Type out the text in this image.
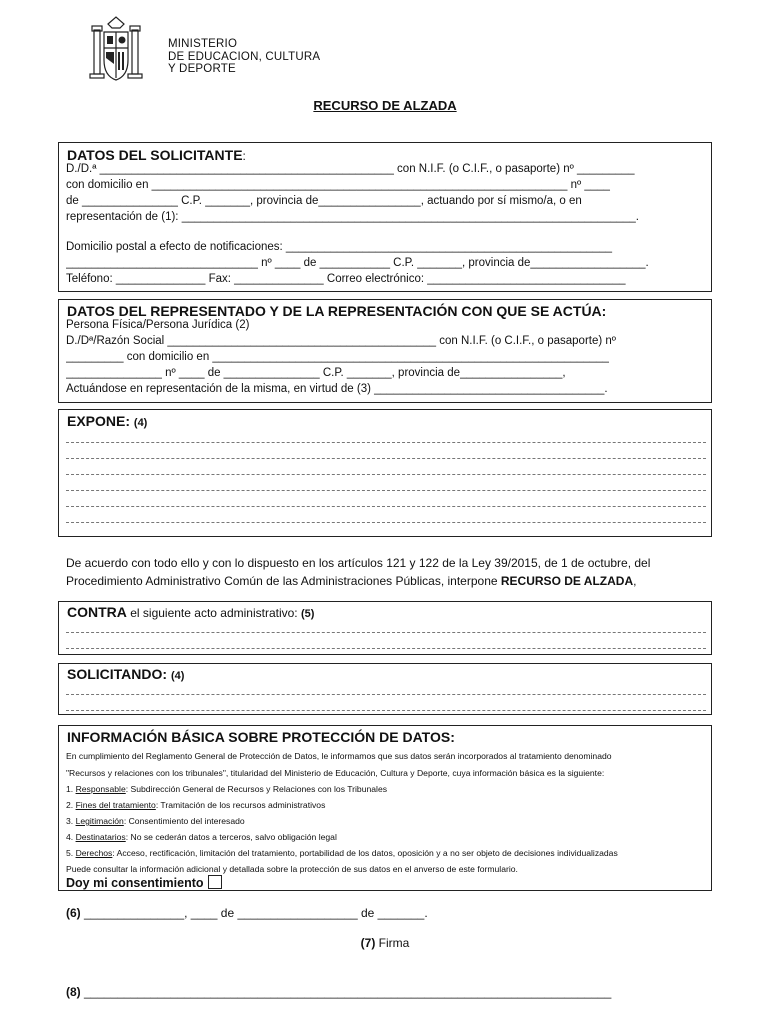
MINISTERIO
DE EDUCACION, CULTURA
Y DEPORTE
RECURSO DE ALZADA
DATOS DEL SOLICITANTE:
D./D.ª ______________________________________________ con N.I.F. (o C.I.F., o pasaporte) nº _________
con domicilio en _________________________________________________________________ nº ____
de _______________ C.P. _______, provincia de________________, actuando por sí mismo/a, o en
representación de (1): _______________________________________________________________________.
Domicilio postal a efecto de notificaciones: ___________________________________________________
______________________________ nº ____ de ___________ C.P. _______, provincia de__________________.
Teléfono: ______________ Fax: ______________ Correo electrónico: _______________________________
DATOS DEL REPRESENTADO Y DE LA REPRESENTACIÓN CON QUE SE ACTÚA:
Persona Física/Persona Jurídica (2)
D./Dª/Razón Social __________________________________________ con N.I.F. (o C.I.F., o pasaporte) nº
_________ con domicilio en ______________________________________________________________
_______________ nº ____ de _______________ C.P. _______, provincia de________________,
Actuándose en representación de la misma, en virtud de (3) ____________________________________.
EXPONE: (4)
De acuerdo con todo ello y con lo dispuesto en los artículos 121 y 122 de la Ley 39/2015, de 1 de octubre, del
Procedimiento Administrativo Común de las Administraciones Públicas, interpone RECURSO DE ALZADA,
CONTRA el siguiente acto administrativo: (5)
SOLICITANDO: (4)
INFORMACIÓN BÁSICA SOBRE PROTECCIÓN DE DATOS:
En cumplimiento del Reglamento General de Protección de Datos, le informamos que sus datos serán incorporados al tratamiento denominado
"Recursos y relaciones con los tribunales", titularidad del Ministerio de Educación, Cultura y Deporte, cuya información básica es la siguiente:
1. Responsable: Subdirección General de Recursos y Relaciones con los Tribunales
2. Fines del tratamiento: Tramitación de los recursos administrativos
3. Legitimación: Consentimiento del interesado
4. Destinatarios: No se cederán datos a terceros, salvo obligación legal
5. Derechos: Acceso, rectificación, limitación del tratamiento, portabilidad de los datos, oposición y a no ser objeto de decisiones individualizadas
Puede consultar la información adicional y detallada sobre la protección de sus datos en el anverso de este formulario.
Doy mi consentimiento
(6) _______________, ____ de __________________ de _______.
(7) Firma
(8) _______________________________________________________________________________
